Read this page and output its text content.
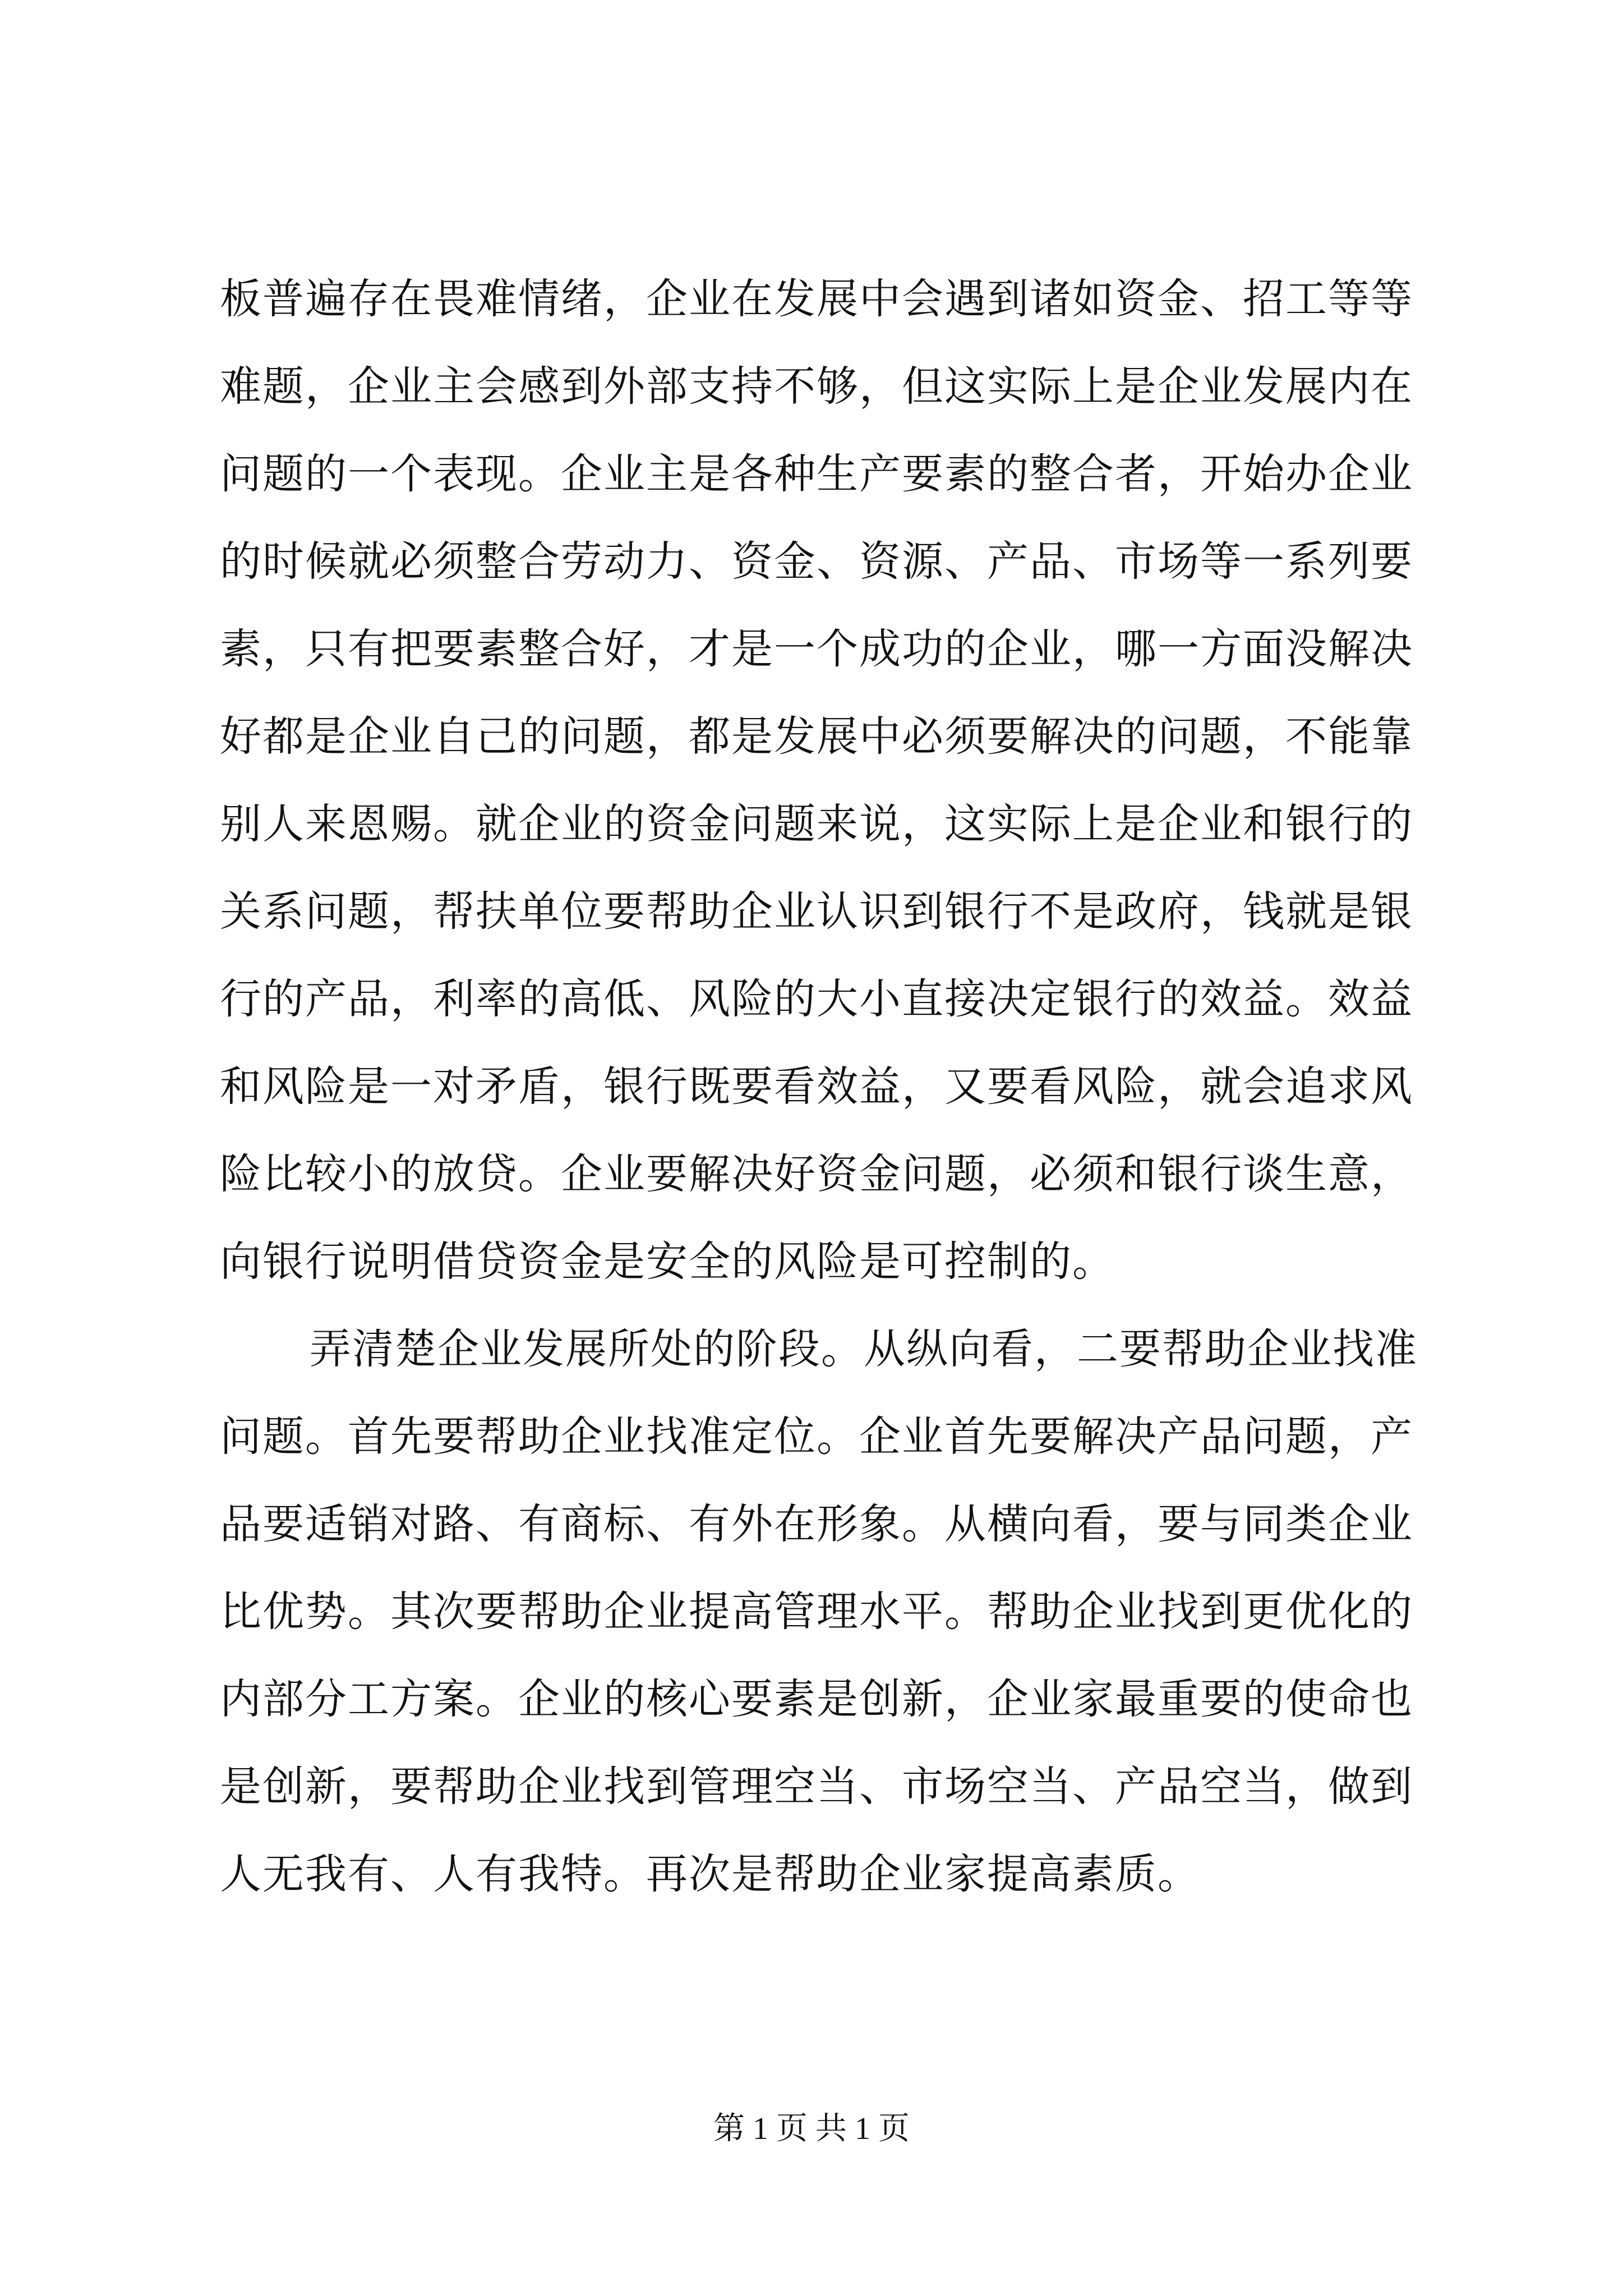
板普遍存在畏难情绪，企业在发展中会遇到诸如资金、招工等等
难题，企业主会感到外部支持不够，但这实际上是企业发展内在
问题的一个表现。企业主是各种生产要素的整合者，开始办企业
的时候就必须整合劳动力、资金、资源、产品、市场等一系列要
素，只有把要素整合好，才是一个成功的企业，哪一方面没解决
好都是企业自己的问题，都是发展中必须要解决的问题，不能靠
别人来恩赐。就企业的资金问题来说，这实际上是企业和银行的
关系问题，帮扶单位要帮助企业认识到银行不是政府，钱就是银
行的产品，利率的高低、风险的大小直接决定银行的效益。效益
和风险是一对矛盾，银行既要看效益，又要看风险，就会追求风
险比较小的放贷。企业要解决好资金问题，必须和银行谈生意，
向银行说明借贷资金是安全的风险是可控制的。
弄清楚企业发展所处的阶段。从纵向看，二要帮助企业找准
问题。首先要帮助企业找准定位。企业首先要解决产品问题，产
品要适销对路、有商标、有外在形象。从横向看，要与同类企业
比优势。其次要帮助企业提高管理水平。帮助企业找到更优化的
内部分工方案。企业的核心要素是创新，企业家最重要的使命也
是创新，要帮助企业找到管理空当、市场空当、产品空当，做到
人无我有、人有我特。再次是帮助企业家提高素质。
第 1 页 共 1 页
